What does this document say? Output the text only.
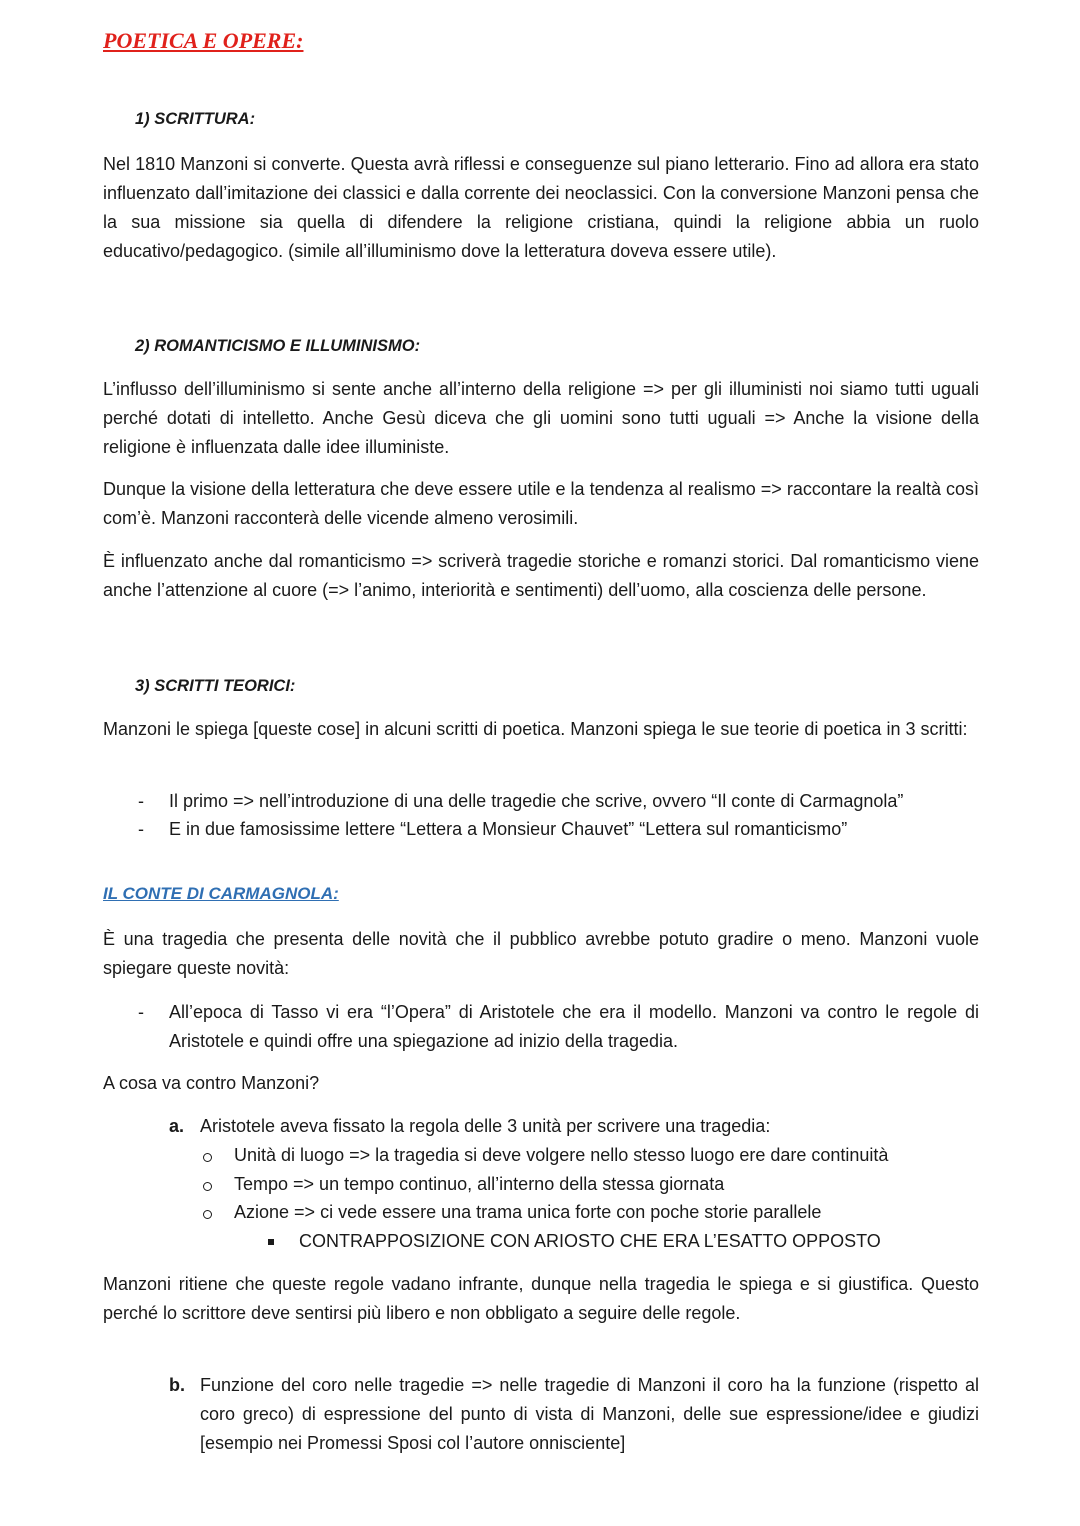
POETICA E OPERE:
1) SCRITTURA:

Nel 1810 Manzoni si converte. Questa avrà riflessi e conseguenze sul piano letterario. Fino ad allora era stato influenzato dall’imitazione dei classici e dalla corrente dei neoclassici. Con la conversione Manzoni pensa che la sua missione sia quella di difendere la religione cristiana, quindi la religione abbia un ruolo educativo/pedagogico. (simile all’illuminismo dove la letteratura doveva essere utile).

2) ROMANTICISMO E ILLUMINISMO:

L’influsso dell’illuminismo si sente anche all’interno della religione => per gli illuministi noi siamo tutti uguali perché dotati di intelletto. Anche Gesù diceva che gli uomini sono tutti uguali => Anche la visione della religione è influenzata dalle idee illuministe.

Dunque la visione della letteratura che deve essere utile e la tendenza al realismo => raccontare la realtà così com’è. Manzoni racconterà delle vicende almeno verosimili.

È influenzato anche dal romanticismo => scriverà tragedie storiche e romanzi storici. Dal romanticismo viene anche l’attenzione al cuore (=> l’animo, interiorità e sentimenti) dell’uomo, alla coscienza delle persone.

3) SCRITTI TEORICI:

Manzoni le spiega [queste cose] in alcuni scritti di poetica. Manzoni spiega le sue teorie di poetica in 3 scritti:

- Il primo => nell’introduzione di una delle tragedie che scrive, ovvero “Il conte di Carmagnola”

- E in due famosissime lettere “Lettera a Monsieur Chauvet” “Lettera sul romanticismo”

IL CONTE DI CARMAGNOLA:

È una tragedia che presenta delle novità che il pubblico avrebbe potuto gradire o meno. Manzoni vuole spiegare queste novità:

- All’epoca di Tasso vi era “l’Opera” di Aristotele che era il modello. Manzoni va contro le regole di Aristotele e quindi offre una spiegazione ad inizio della tragedia.

A cosa va contro Manzoni?

a. Aristotele aveva fissato la regola delle 3 unità per scrivere una tragedia:

Unità di luogo => la tragedia si deve volgere nello stesso luogo ere dare continuità

Tempo => un tempo continuo, all’interno della stessa giornata

Azione => ci vede essere una trama unica forte con poche storie parallele

CONTRAPPOSIZIONE CON ARIOSTO CHE ERA L’ESATTO OPPOSTO

Manzoni ritiene che queste regole vadano infrante, dunque nella tragedia le spiega e si giustifica. Questo perché lo scrittore deve sentirsi più libero e non obbligato a seguire delle regole.

b. Funzione del coro nelle tragedie => nelle tragedie di Manzoni il coro ha la funzione (rispetto al coro greco) di espressione del punto di vista di Manzoni, delle sue espressione/idee e giudizi [esempio nei Promessi Sposi col l’autore onnisciente]
